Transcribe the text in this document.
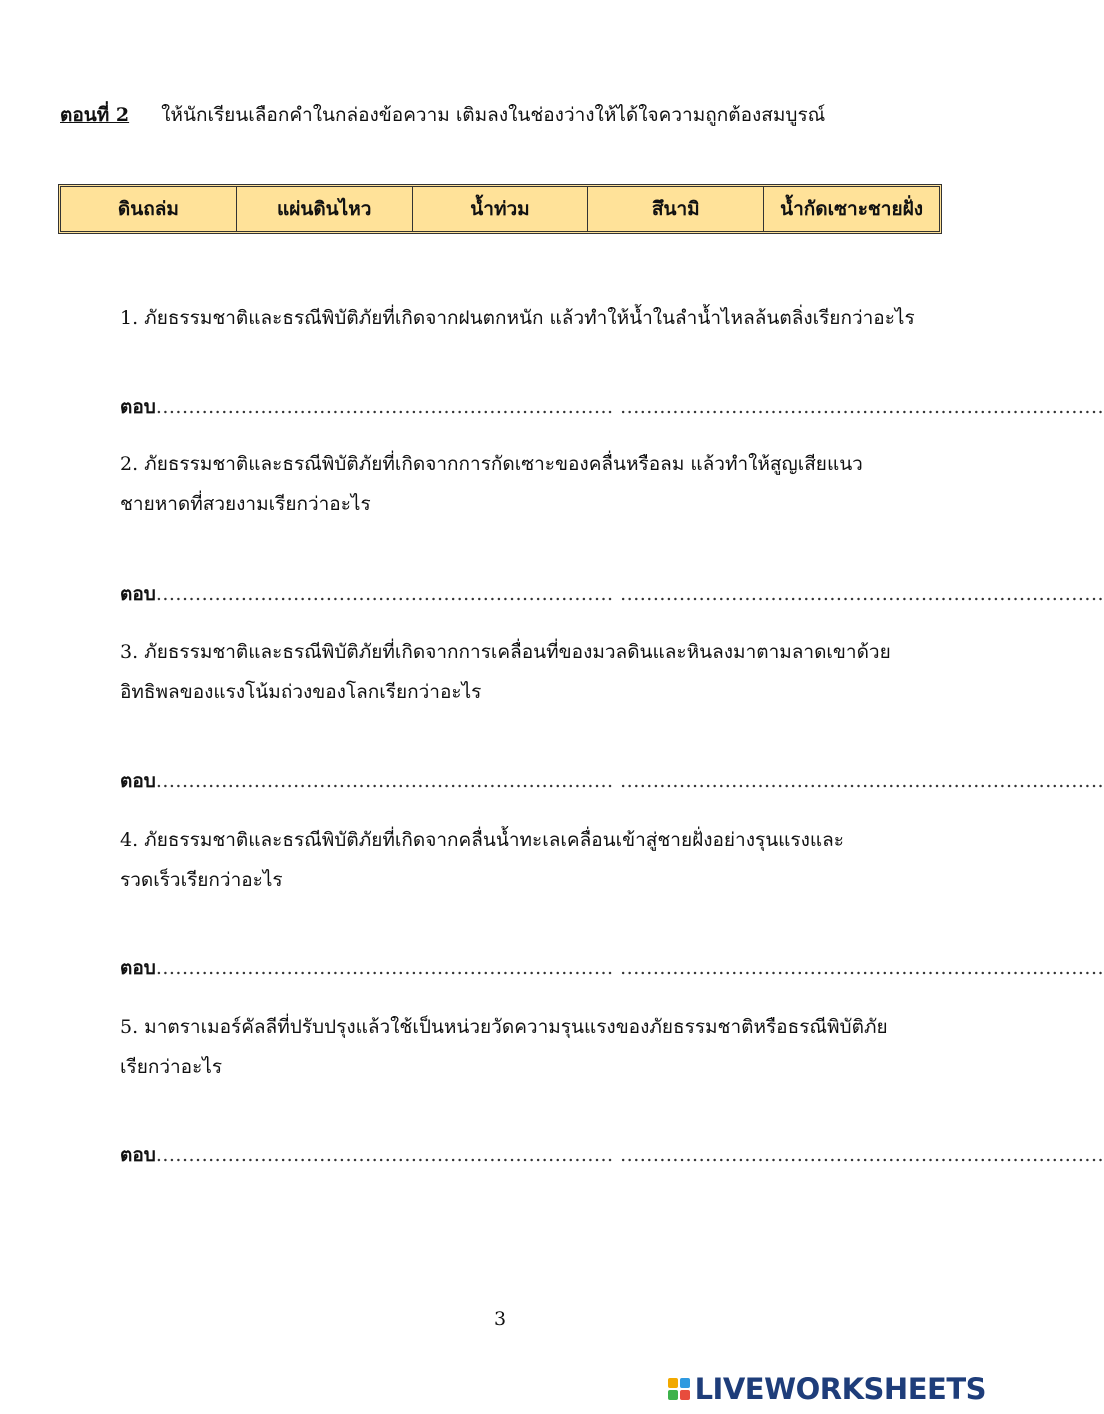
ตอนที่ 2 ให้นักเรียนเลือกคำในกล่องข้อความ เติมลงในช่องว่างให้ได้ใจความถูกต้องสมบูรณ์
ดินถล่ม	แผ่นดินไหว	น้ำท่วม	สึนามิ	น้ำกัดเซาะชายฝั่ง
1. ภัยธรรมชาติและธรณีพิบัติภัยที่เกิดจากฝนตกหนัก แล้วทำให้น้ำในลำน้ำไหลล้นตลิ่งเรียกว่าอะไร
ตอบ...................................................................... ..........................................................................
2. ภัยธรรมชาติและธรณีพิบัติภัยที่เกิดจากการกัดเซาะของคลื่นหรือลม แล้วทำให้สูญเสียแนวชายหาดที่สวยงามเรียกว่าอะไร
ตอบ...................................................................... ..........................................................................
3. ภัยธรรมชาติและธรณีพิบัติภัยที่เกิดจากการเคลื่อนที่ของมวลดินและหินลงมาตามลาดเขาด้วยอิทธิพลของแรงโน้มถ่วงของโลกเรียกว่าอะไร
ตอบ...................................................................... ..........................................................................
4. ภัยธรรมชาติและธรณีพิบัติภัยที่เกิดจากคลื่นน้ำทะเลเคลื่อนเข้าสู่ชายฝั่งอย่างรุนแรงและรวดเร็วเรียกว่าอะไร
ตอบ...................................................................... ..........................................................................
5. มาตราเมอร์คัลลีที่ปรับปรุงแล้วใช้เป็นหน่วยวัดความรุนแรงของภัยธรรมชาติหรือธรณีพิบัติภัยเรียกว่าอะไร
ตอบ...................................................................... ..........................................................................
3
LIVEWORKSHEETS
